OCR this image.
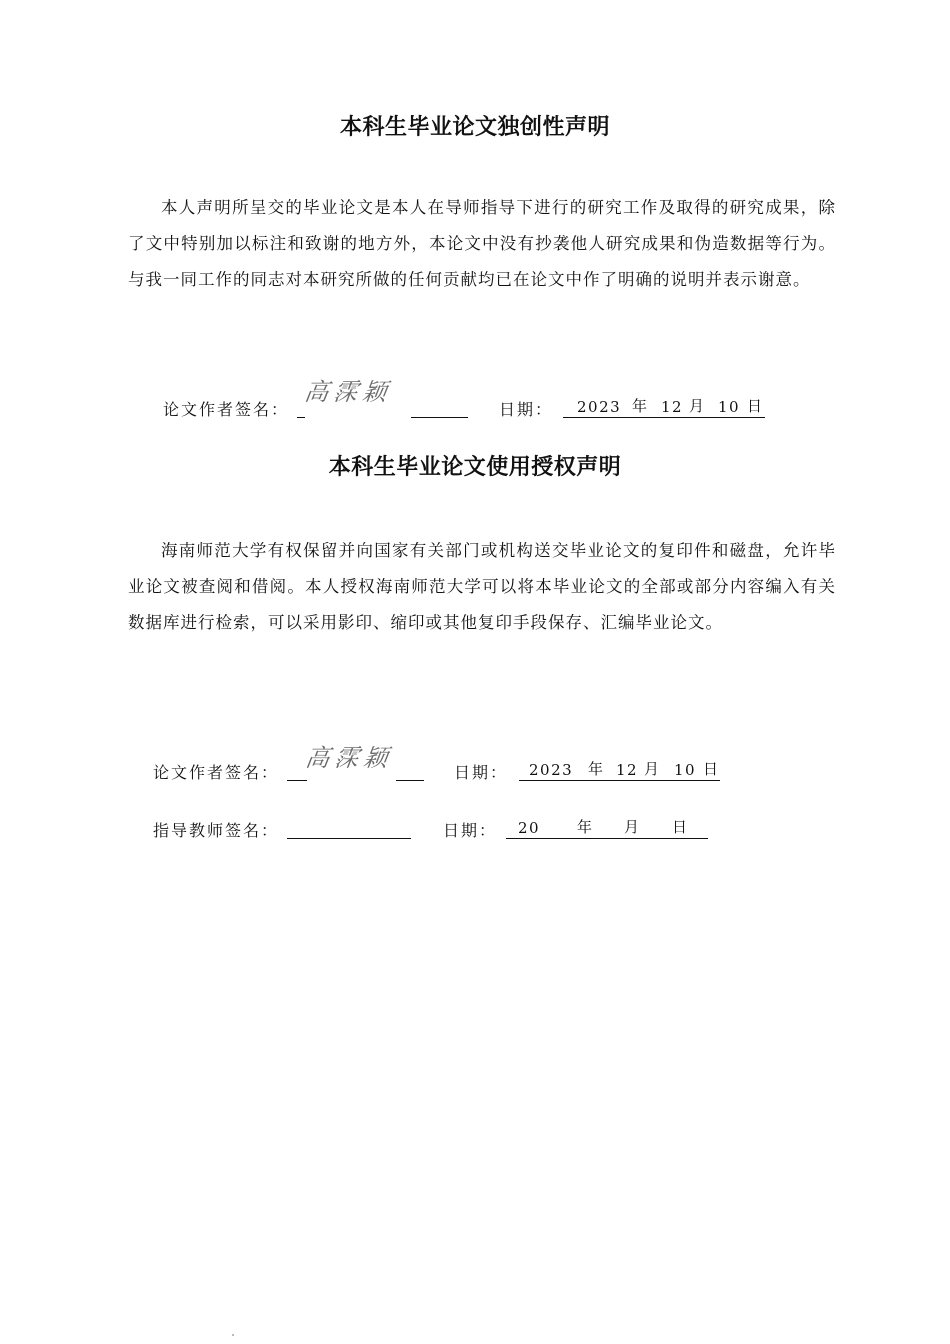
本科生毕业论文独创性声明
本人声明所呈交的毕业论文是本人在导师指导下进行的研究工作及取得的研究成果，除了文中特别加以标注和致谢的地方外，本论文中没有抄袭他人研究成果和伪造数据等行为。与我一同工作的同志对本研究所做的任何贡献均已在论文中作了明确的说明并表示谢意。
论文作者签名：	日期： 2023 年 12 月 10 日
高霂颖
本科生毕业论文使用授权声明
海南师范大学有权保留并向国家有关部门或机构送交毕业论文的复印件和磁盘，允许毕业论文被查阅和借阅。本人授权海南师范大学可以将本毕业论文的全部或部分内容编入有关数据库进行检索，可以采用影印、缩印或其他复印手段保存、汇编毕业论文。
论文作者签名：	日期： 2023 年 12 月 10 日
高霂颖
指导教师签名：	日期： 20 年 月 日
